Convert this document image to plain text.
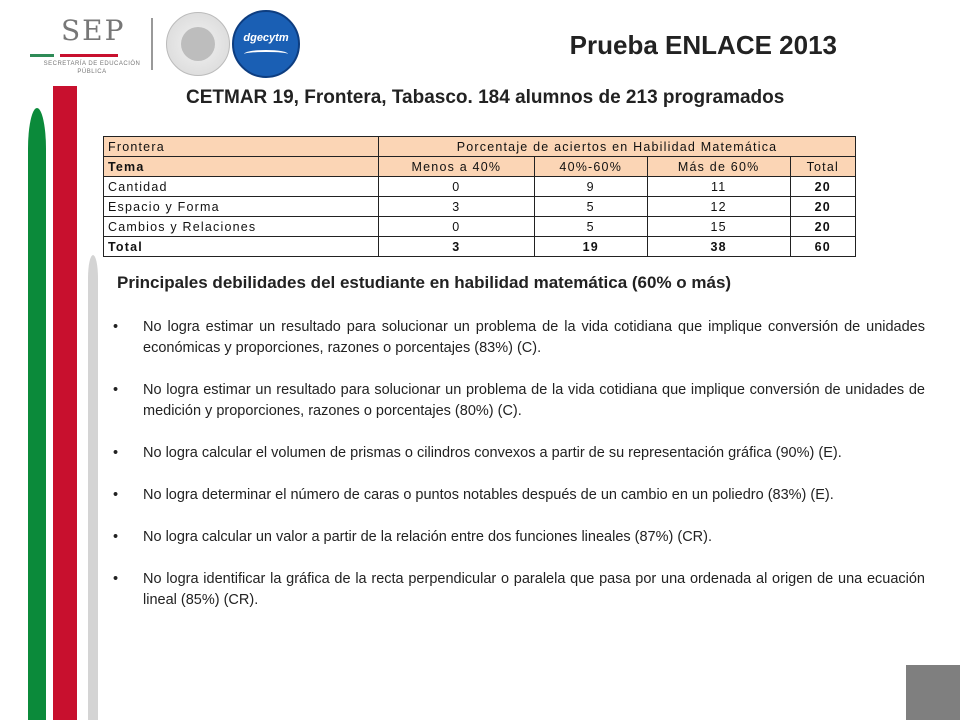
SEP
SECRETARÍA DE EDUCACIÓN PÚBLICA
dgecytm	Prueba ENLACE 2013
CETMAR 19, Frontera, Tabasco. 184 alumnos de 213 programados
Frontera	Porcentaje de aciertos en Habilidad Matemática			
Tema	Menos a 40%	40%-60%	Más de 60%	Total
Cantidad	0	9	11	20
Espacio y Forma	3	5	12	20
Cambios y Relaciones	0	5	15	20
Total	3	19	38	60
Principales debilidades del estudiante en habilidad matemática (60% o más)
• No logra estimar un resultado para solucionar un problema de la vida cotidiana que implique conversión de unidades económicas y proporciones, razones o porcentajes (83%) (C).
• No logra estimar un resultado para solucionar un problema de la vida cotidiana que implique conversión de unidades de medición y proporciones, razones o porcentajes (80%) (C).
• No logra calcular el volumen de prismas o cilindros convexos a partir de su representación gráfica (90%) (E).
• No logra determinar el número de caras o puntos notables después de un cambio en un poliedro (83%) (E).
• No logra calcular un valor a partir de la relación entre dos funciones lineales (87%) (CR).
• No logra identificar la gráfica de la recta perpendicular o paralela que pasa por una ordenada al origen de una ecuación lineal (85%) (CR).
